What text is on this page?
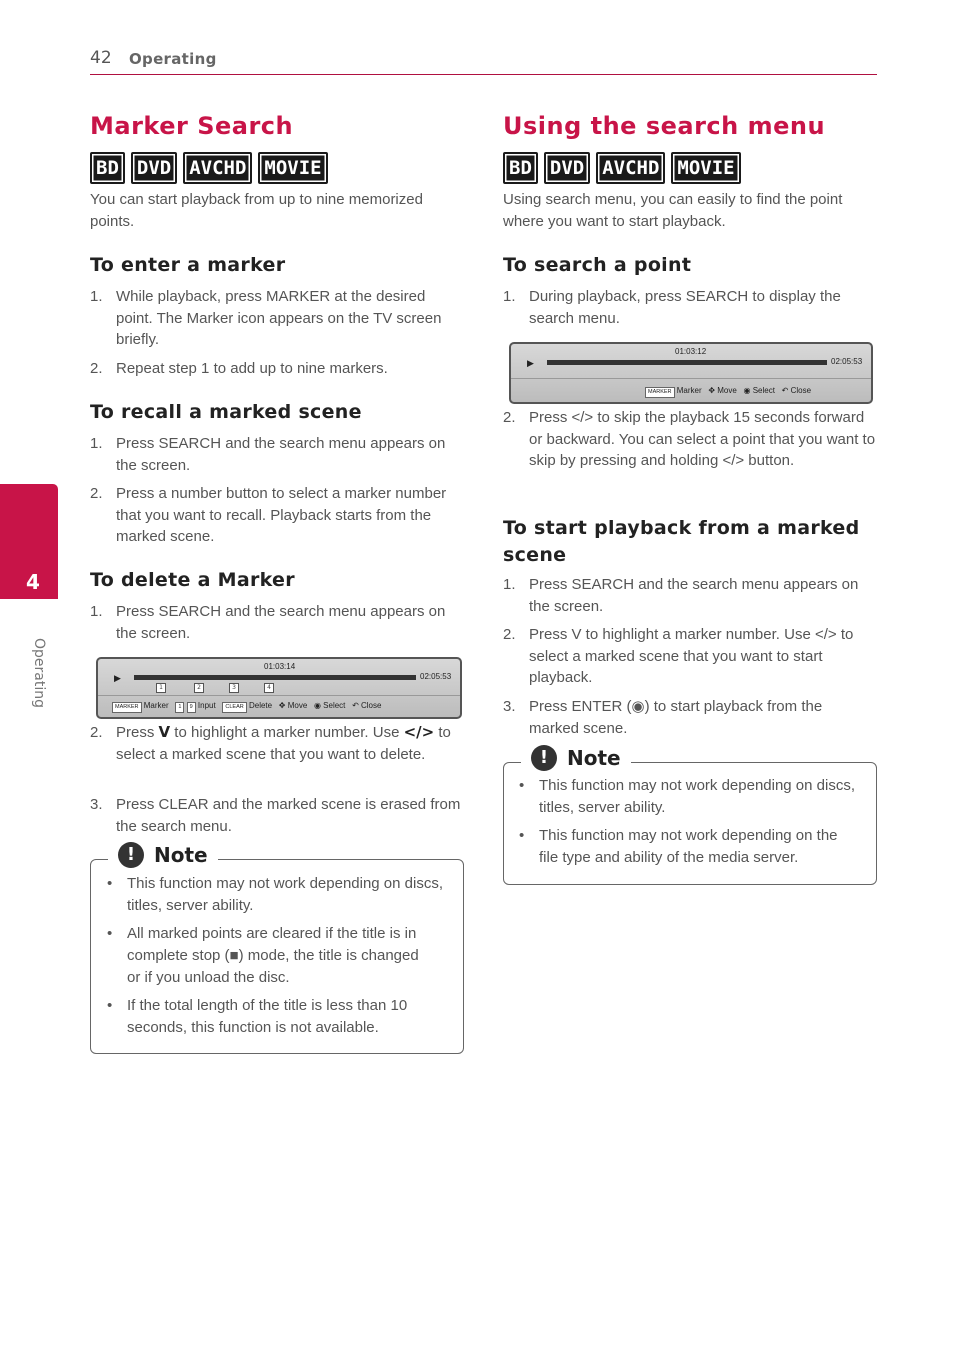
42 Operating
4
Operating
Marker Search
BD DVD AVCHD MOVIE
You can start playback from up to nine memorized points.
To enter a marker
1. While playback, press MARKER at the desired point. The Marker icon appears on the TV screen briefly.
2. Repeat step 1 to add up to nine markers.
To recall a marked scene
1. Press SEARCH and the search menu appears on the screen.
2. Press a number button to select a marker number that you want to recall. Playback starts from the marked scene.
To delete a Marker
1. Press SEARCH and the search menu appears on the screen.
▶
01:03:14
02:05:53
1	2	3	4
MARKER Marker 1 9 Input CLEAR Delete ✥ Move ◉ Select ↶ Close
2. Press V to highlight a marker number. Use </> to select a marked scene that you want to delete.
3. Press CLEAR and the marked scene is erased from the search menu.
! Note
• This function may not work depending on discs, titles, server ability.
• All marked points are cleared if the title is in complete stop (■) mode, the title is changed or if you unload the disc.
• If the total length of the title is less than 10 seconds, this function is not available.
Using the search menu
BD DVD AVCHD MOVIE
Using search menu, you can easily to find the point where you want to start playback.
To search a point
1. During playback, press SEARCH to display the search menu.
▶
01:03:12
02:05:53
MARKER Marker ✥ Move ◉ Select ↶ Close
2. Press </> to skip the playback 15 seconds forward or backward. You can select a point that you want to skip by pressing and holding </> button.
To start playback from a marked scene
1. Press SEARCH and the search menu appears on the screen.
2. Press V to highlight a marker number. Use </> to select a marked scene that you want to start playback.
3. Press ENTER (◉) to start playback from the marked scene.
! Note
• This function may not work depending on discs, titles, server ability.
• This function may not work depending on the file type and ability of the media server.
